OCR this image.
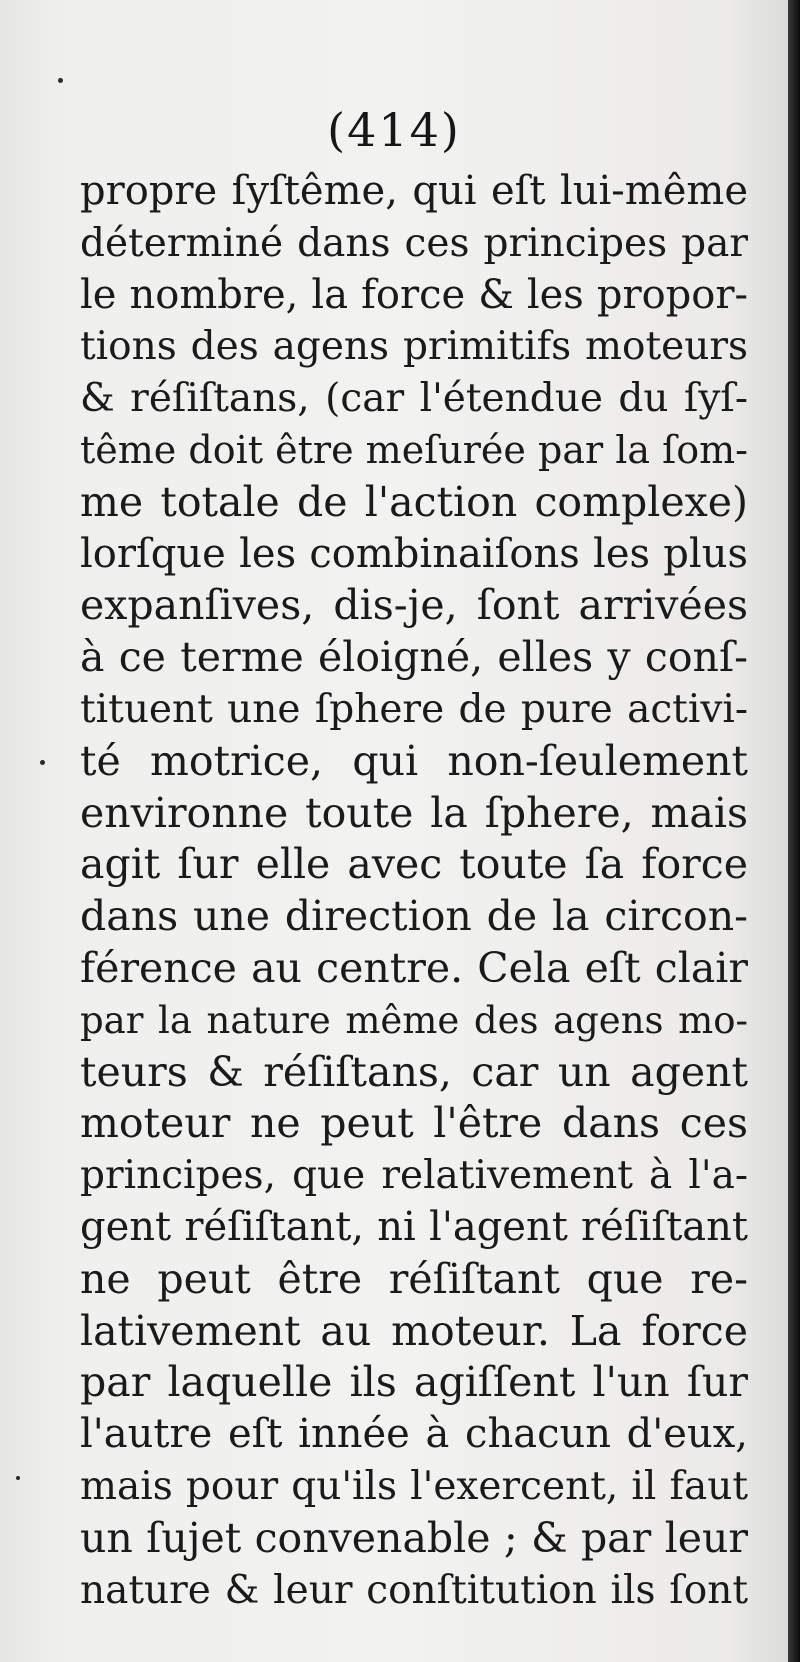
(414)
propre ſyſtême, qui eſt lui-même
déterminé dans ces principes par
le nombre, la force & les propor-
tions des agens primitifs moteurs
& réſiſtans, (car l'étendue du ſyſ-
tême doit être meſurée par la ſom-
me totale de l'action complexe)
lorſque les combinaiſons les plus
expanſives, dis-je, ſont arrivées
à ce terme éloigné, elles y conſ-
tituent une ſphere de pure activi-
té motrice, qui non-ſeulement
environne toute la ſphere, mais
agit ſur elle avec toute ſa force
dans une direction de la circon-
férence au centre. Cela eſt clair
par la nature même des agens mo-
teurs & réſiſtans, car un agent
moteur ne peut l'être dans ces
principes, que relativement à l'a-
gent réſiſtant, ni l'agent réſiſtant
ne peut être réſiſtant que re-
lativement au moteur. La force
par laquelle ils agiſſent l'un ſur
l'autre eſt innée à chacun d'eux,
mais pour qu'ils l'exercent, il faut
un ſujet convenable ; & par leur
nature & leur conſtitution ils ſont
